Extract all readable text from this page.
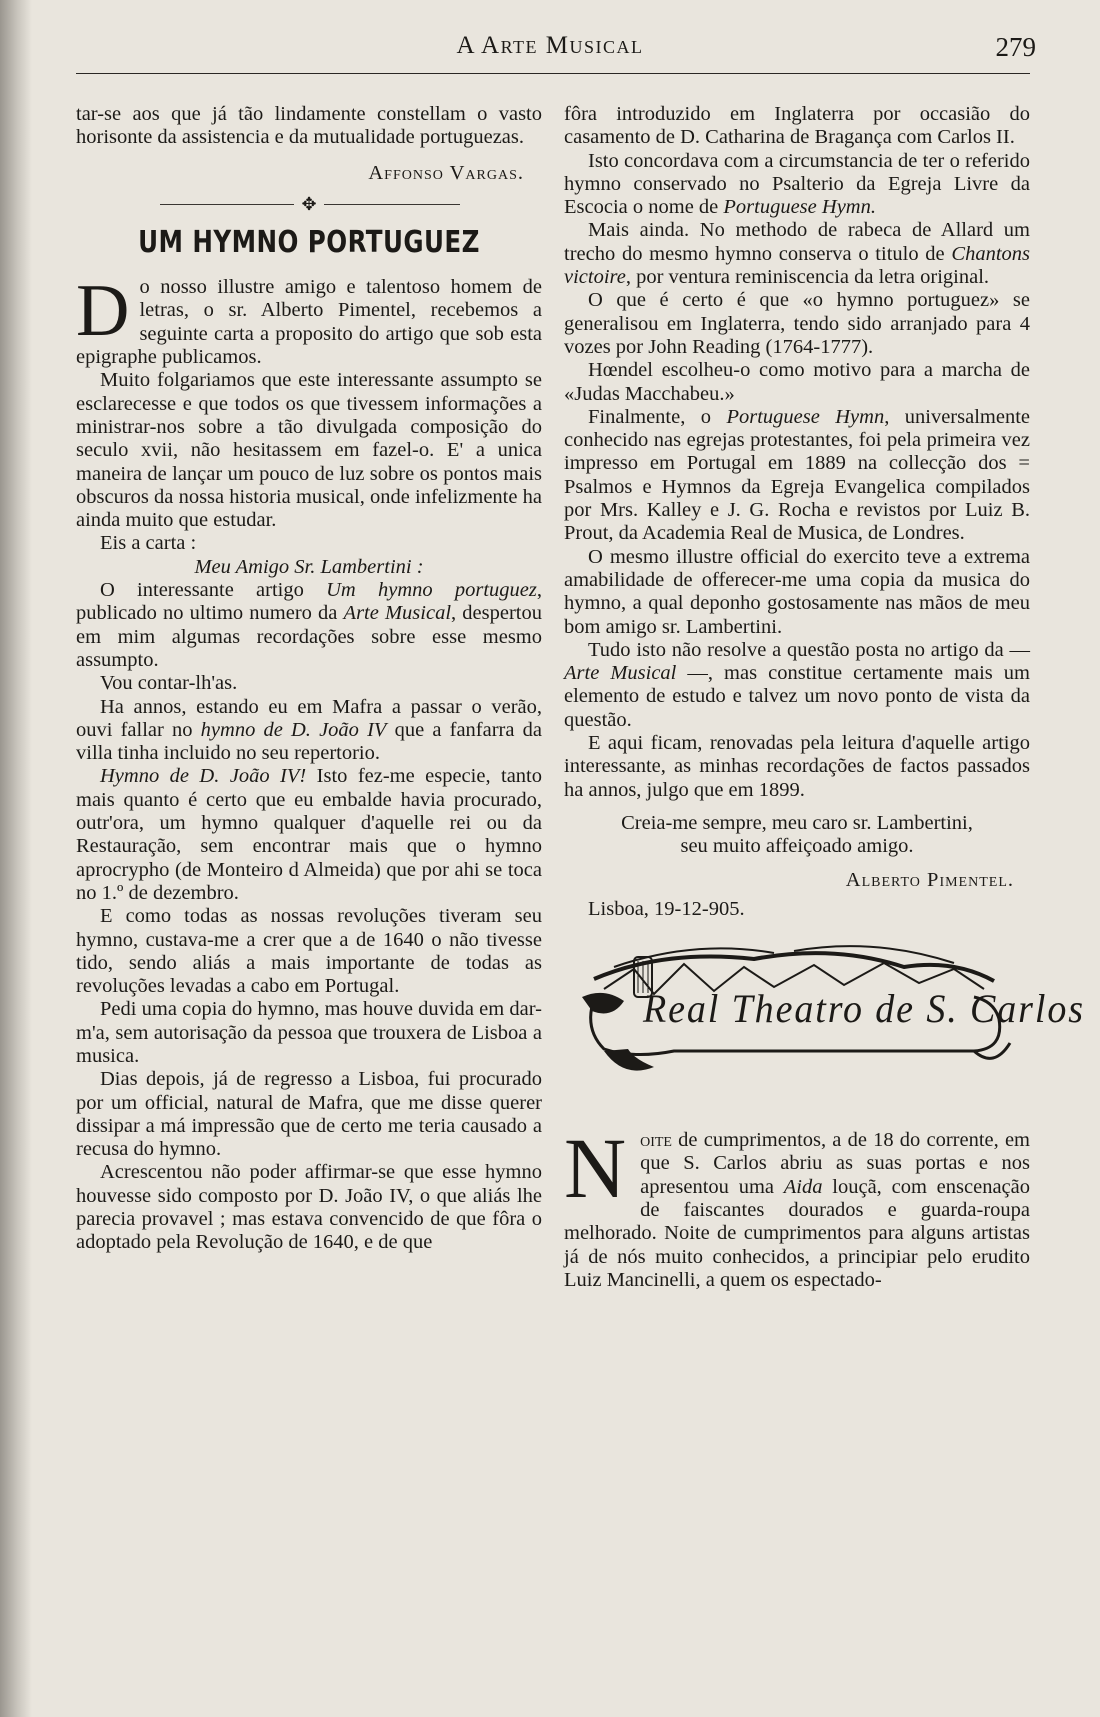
A Arte Musical	279

tar-se aos que já tão lindamente constellam o vasto horisonte da assistencia e da mutualidade portuguezas.

Affonso Vargas.
✥
UM HYMNO PORTUGUEZ

Do nosso illustre amigo e talentoso homem de letras, o sr. Alberto Pimentel, recebemos a seguinte carta a proposito do artigo que sob esta epigraphe publicamos.

Muito folgariamos que este interessante assumpto se esclarecesse e que todos os que tivessem informações a ministrar-nos sobre a tão divulgada composição do seculo xvii, não hesitassem em fazel-o. E' a unica maneira de lançar um pouco de luz sobre os pontos mais obscuros da nossa historia musical, onde infelizmente ha ainda muito que estudar.

Eis a carta :

Meu Amigo Sr. Lambertini :

O interessante artigo Um hymno portuguez, publicado no ultimo numero da Arte Musical, despertou em mim algumas recordações sobre esse mesmo assumpto.

Vou contar-lh'as.

Ha annos, estando eu em Mafra a passar o verão, ouvi fallar no hymno de D. João IV que a fanfarra da villa tinha incluido no seu repertorio.

Hymno de D. João IV! Isto fez-me especie, tanto mais quanto é certo que eu embalde havia procurado, outr'ora, um hymno qualquer d'aquelle rei ou da Restauração, sem encontrar mais que o hymno aprocrypho (de Monteiro d Almeida) que por ahi se toca no 1.º de dezembro.

E como todas as nossas revoluções tiveram seu hymno, custava-me a crer que a de 1640 o não tivesse tido, sendo aliás a mais importante de todas as revoluções levadas a cabo em Portugal.

Pedi uma copia do hymno, mas houve duvida em dar-m'a, sem autorisação da pessoa que trouxera de Lisboa a musica.

Dias depois, já de regresso a Lisboa, fui procurado por um official, natural de Mafra, que me disse querer dissipar a má impressão que de certo me teria causado a recusa do hymno.

Acrescentou não poder affirmar-se que esse hymno houvesse sido composto por D. João IV, o que aliás lhe parecia provavel ; mas estava convencido de que fôra o adoptado pela Revolução de 1640, e de que

fôra introduzido em Inglaterra por occasião do casamento de D. Catharina de Bragança com Carlos II.

Isto concordava com a circumstancia de ter o referido hymno conservado no Psalterio da Egreja Livre da Escocia o nome de Portuguese Hymn.

Mais ainda. No methodo de rabeca de Allard um trecho do mesmo hymno conserva o titulo de Chantons victoire, por ventura reminiscencia da letra original.

O que é certo é que «o hymno portuguez» se generalisou em Inglaterra, tendo sido arranjado para 4 vozes por John Reading (1764-1777).

Hœndel escolheu-o como motivo para a marcha de «Judas Macchabeu.»

Finalmente, o Portuguese Hymn, universalmente conhecido nas egrejas protestantes, foi pela primeira vez impresso em Portugal em 1889 na collecção dos = Psalmos e Hymnos da Egreja Evangelica compilados por Mrs. Kalley e J. G. Rocha e revistos por Luiz B. Prout, da Academia Real de Musica, de Londres.

O mesmo illustre official do exercito teve a extrema amabilidade de offerecer-me uma copia da musica do hymno, a qual deponho gostosamente nas mãos de meu bom amigo sr. Lambertini.

Tudo isto não resolve a questão posta no artigo da — Arte Musical —, mas constitue certamente mais um elemento de estudo e talvez um novo ponto de vista da questão.

E aqui ficam, renovadas pela leitura d'aquelle artigo interessante, as minhas recordações de factos passados ha annos, julgo que em 1899.

Creia-me sempre, meu caro sr. Lambertini,

seu muito affeiçoado amigo.

Alberto Pimentel.

Lisboa, 19-12-905.

Real Theatro de S. Carlos

Noite de cumprimentos, a de 18 do corrente, em que S. Carlos abriu as suas portas e nos apresentou uma Aida louçã, com enscenação de faiscantes dourados e guarda-roupa melhorado. Noite de cumprimentos para alguns artistas já de nós muito conhecidos, a principiar pelo erudito Luiz Mancinelli, a quem os espectado-
